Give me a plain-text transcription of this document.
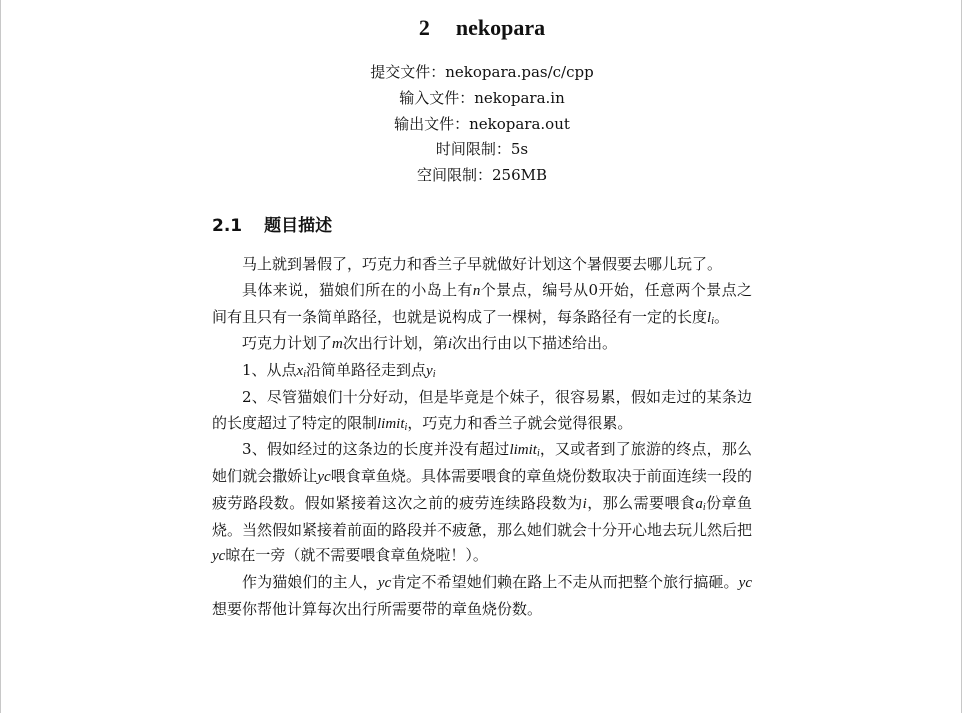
2 nekopara
提交文件：nekopara.pas/c/cpp
输入文件：nekopara.in
输出文件：nekopara.out
时间限制：5s
空间限制：256MB
2.1 题目描述

马上就到暑假了，巧克力和香兰子早就做好计划这个暑假要去哪儿玩了。

具体来说，猫娘们所在的小岛上有n个景点，编号从0开始，任意两个景点之间有且只有一条简单路径，也就是说构成了一棵树，每条路径有一定的长度$l_i$。

巧克力计划了m次出行计划，第i次出行由以下描述给出。

1、从点$x_i$沿简单路径走到点$y_i$

2、尽管猫娘们十分好动，但是毕竟是个妹子，很容易累，假如走过的某条边的长度超过了特定的限制limit$_i$，巧克力和香兰子就会觉得很累。

3、假如经过的这条边的长度并没有超过limit$_i$，又或者到了旅游的终点，那么她们就会撒娇让yc喂食章鱼烧。具体需要喂食的章鱼烧份数取决于前面连续一段的疲劳路段数。假如紧接着这次之前的疲劳连续路段数为i，那么需要喂食$a_i$份章鱼烧。当然假如紧接着前面的路段并不疲惫，那么她们就会十分开心地去玩儿然后把yc晾在一旁（就不需要喂食章鱼烧啦！）。

作为猫娘们的主人，yc肯定不希望她们赖在路上不走从而把整个旅行搞砸。yc想要你帮他计算每次出行所需要带的章鱼烧份数。
